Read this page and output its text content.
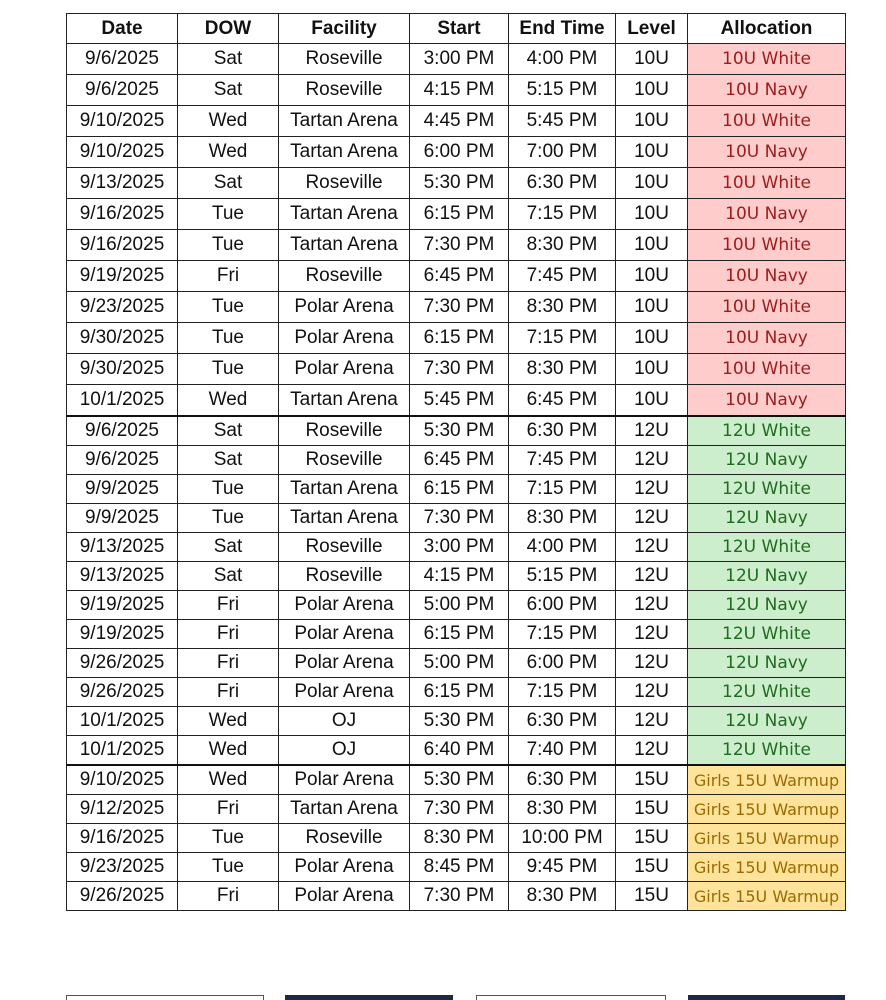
Date	DOW	Facility	Start	End Time	Level	Allocation
9/6/2025	Sat	Roseville	3:00 PM	4:00 PM	10U	10U White
9/6/2025	Sat	Roseville	4:15 PM	5:15 PM	10U	10U Navy
9/10/2025	Wed	Tartan Arena	4:45 PM	5:45 PM	10U	10U White
9/10/2025	Wed	Tartan Arena	6:00 PM	7:00 PM	10U	10U Navy
9/13/2025	Sat	Roseville	5:30 PM	6:30 PM	10U	10U White
9/16/2025	Tue	Tartan Arena	6:15 PM	7:15 PM	10U	10U Navy
9/16/2025	Tue	Tartan Arena	7:30 PM	8:30 PM	10U	10U White
9/19/2025	Fri	Roseville	6:45 PM	7:45 PM	10U	10U Navy
9/23/2025	Tue	Polar Arena	7:30 PM	8:30 PM	10U	10U White
9/30/2025	Tue	Polar Arena	6:15 PM	7:15 PM	10U	10U Navy
9/30/2025	Tue	Polar Arena	7:30 PM	8:30 PM	10U	10U White
10/1/2025	Wed	Tartan Arena	5:45 PM	6:45 PM	10U	10U Navy
9/6/2025	Sat	Roseville	5:30 PM	6:30 PM	12U	12U White
9/6/2025	Sat	Roseville	6:45 PM	7:45 PM	12U	12U Navy
9/9/2025	Tue	Tartan Arena	6:15 PM	7:15 PM	12U	12U White
9/9/2025	Tue	Tartan Arena	7:30 PM	8:30 PM	12U	12U Navy
9/13/2025	Sat	Roseville	3:00 PM	4:00 PM	12U	12U White
9/13/2025	Sat	Roseville	4:15 PM	5:15 PM	12U	12U Navy
9/19/2025	Fri	Polar Arena	5:00 PM	6:00 PM	12U	12U Navy
9/19/2025	Fri	Polar Arena	6:15 PM	7:15 PM	12U	12U White
9/26/2025	Fri	Polar Arena	5:00 PM	6:00 PM	12U	12U Navy
9/26/2025	Fri	Polar Arena	6:15 PM	7:15 PM	12U	12U White
10/1/2025	Wed	OJ	5:30 PM	6:30 PM	12U	12U Navy
10/1/2025	Wed	OJ	6:40 PM	7:40 PM	12U	12U White
9/10/2025	Wed	Polar Arena	5:30 PM	6:30 PM	15U	Girls 15U Warmup
9/12/2025	Fri	Tartan Arena	7:30 PM	8:30 PM	15U	Girls 15U Warmup
9/16/2025	Tue	Roseville	8:30 PM	10:00 PM	15U	Girls 15U Warmup
9/23/2025	Tue	Polar Arena	8:45 PM	9:45 PM	15U	Girls 15U Warmup
9/26/2025	Fri	Polar Arena	7:30 PM	8:30 PM	15U	Girls 15U Warmup
